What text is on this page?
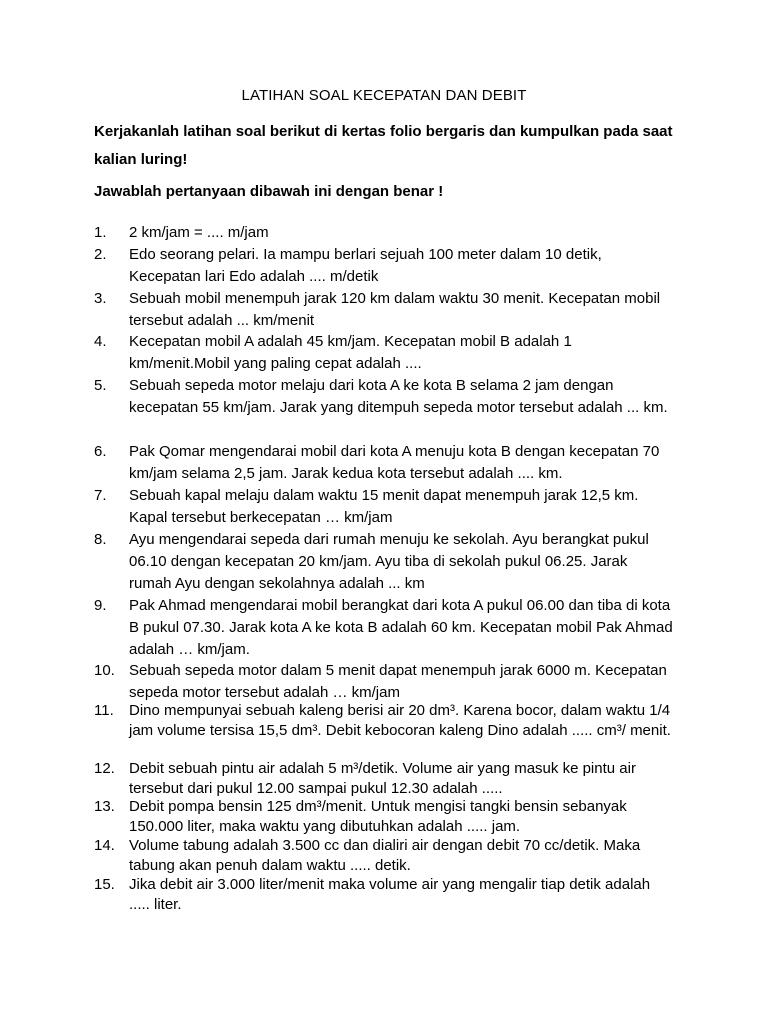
LATIHAN SOAL KECEPATAN DAN DEBIT
Kerjakanlah latihan soal berikut di kertas folio bergaris dan kumpulkan pada saat kalian luring!
Jawablah pertanyaan dibawah ini dengan benar !
1.	2 km/jam = .... m/jam
2.	Edo seorang pelari. Ia mampu berlari sejuah 100 meter dalam 10 detik, Kecepatan lari Edo adalah .... m/detik
3.	Sebuah mobil menempuh jarak 120 km dalam waktu 30 menit. Kecepatan mobil tersebut adalah ... km/menit
4.	Kecepatan mobil A adalah 45 km/jam. Kecepatan mobil B adalah 1 km/menit.Mobil yang paling cepat adalah ....
5.	Sebuah sepeda motor melaju dari kota A ke kota B selama 2 jam dengan kecepatan 55 km/jam. Jarak yang ditempuh sepeda motor tersebut adalah ... km.
6.	Pak Qomar mengendarai mobil dari kota A menuju kota B dengan kecepatan 70 km/jam selama 2,5 jam. Jarak kedua kota tersebut adalah .... km.
7.	Sebuah kapal melaju dalam waktu 15 menit dapat menempuh jarak 12,5 km. Kapal tersebut berkecepatan … km/jam
8.	Ayu mengendarai sepeda dari rumah menuju ke sekolah. Ayu berangkat pukul 06.10 dengan kecepatan 20 km/jam. Ayu tiba di sekolah pukul 06.25. Jarak rumah Ayu dengan sekolahnya adalah ... km
9.	Pak Ahmad mengendarai mobil berangkat dari kota A pukul 06.00 dan tiba di kota B pukul 07.30. Jarak kota A ke kota B adalah 60 km. Kecepatan mobil Pak Ahmad adalah … km/jam.
10. Sebuah sepeda motor dalam 5 menit dapat menempuh jarak 6000 m. Kecepatan sepeda motor tersebut adalah … km/jam
11.	Dino mempunyai sebuah kaleng berisi air 20 dm³. Karena bocor, dalam waktu 1/4 jam volume tersisa 15,5 dm³. Debit kebocoran kaleng Dino adalah ..... cm³/ menit.
12. Debit sebuah pintu air adalah 5 m³/detik. Volume air yang masuk ke pintu air tersebut dari pukul 12.00 sampai pukul 12.30 adalah .....
13. Debit pompa bensin 125 dm³/menit. Untuk mengisi tangki bensin sebanyak 150.000 liter, maka waktu yang dibutuhkan adalah ..... jam.
14. Volume tabung adalah 3.500 cc dan dialiri air dengan debit 70 cc/detik. Maka tabung akan penuh dalam waktu ..... detik.
15. Jika debit air 3.000 liter/menit maka volume air yang mengalir tiap detik adalah ..... liter.
